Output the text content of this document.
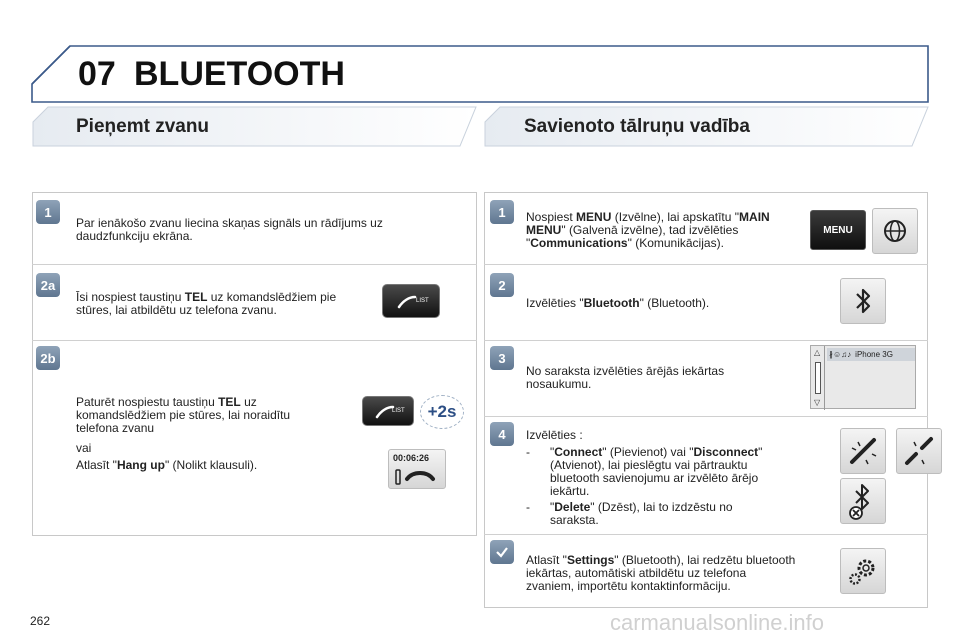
07 BLUETOOTH
Pieņemt zvanu	Savienoto tālruņu vadība
1
Par ienākošo zvanu liecina skaņas signāls un rādījums uz daudzfunkciju ekrāna.
2a
Īsi nospiest taustiņu TEL uz komandslēdžiem pie stūres, lai atbildētu uz telefona zvanu.
LIST
2b
Paturēt nospiestu taustiņu TEL uz komandslēdžiem pie stūres, lai noraidītu telefona zvanu
vai
Atlasīt "Hang up" (Nolikt klausuli).
LIST +2s
00:06:26
1	Nospiest MENU (Izvēlne), lai apskatītu "MAIN MENU" (Galvenā izvēlne), tad izvēlēties "Communications" (Komunikācijas).
MENU
2
Izvēlēties "Bluetooth" (Bluetooth).
3
No saraksta izvēlēties ārējās iekārtas nosaukumu.
△
▽
∦☺♫♪ iPhone 3G
4	Izvēlēties :
- "Connect" (Pievienot) vai "Disconnect" (Atvienot), lai pieslēgtu vai pārtrauktu bluetooth savienojumu ar izvēlēto ārējo iekārtu.
- "Delete" (Dzēst), lai to izdzēstu no saraksta.
Atlasīt "Settings" (Bluetooth), lai redzētu bluetooth iekārtas, automātiski atbildētu uz telefona zvaniem, importētu kontaktinformāciju.
262	carmanualsonline.info
